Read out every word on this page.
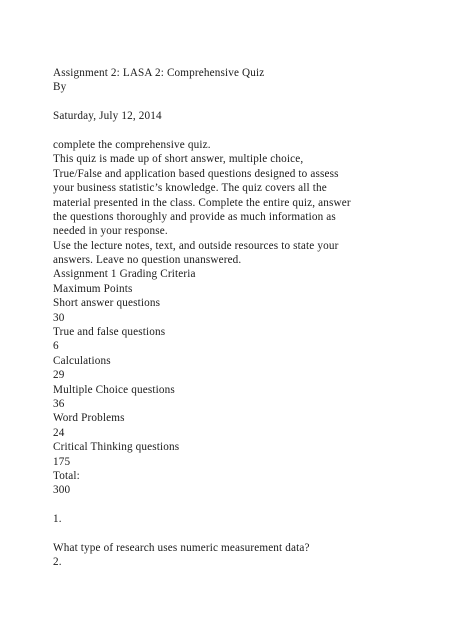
Assignment 2: LASA 2: Comprehensive Quiz
By
Saturday, July 12, 2014
complete the comprehensive quiz.
This quiz is made up of short answer, multiple choice,
True/False and application based questions designed to assess
your business statistic’s knowledge. The quiz covers all the
material presented in the class. Complete the entire quiz, answer
the questions thoroughly and provide as much information as
needed in your response.
Use the lecture notes, text, and outside resources to state your
answers. Leave no question unanswered.
Assignment 1 Grading Criteria
Maximum Points
Short answer questions
30
True and false questions
6
Calculations
29
Multiple Choice questions
36
Word Problems
24
Critical Thinking questions
175
Total:
300
1.
What type of research uses numeric measurement data?
2.
